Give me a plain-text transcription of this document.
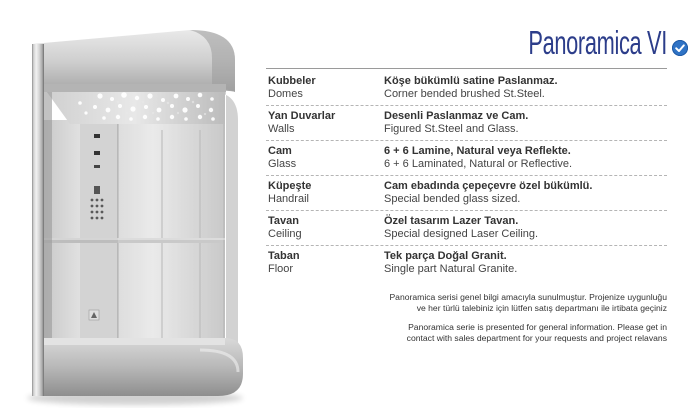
Panoramica VI
Kubbeler
Domes
Köşe bükümlü satine Paslanmaz.
Corner bended brushed St.Steel.
Yan Duvarlar
Walls
Desenli Paslanmaz ve Cam.
Figured St.Steel and Glass.
Cam
Glass
6 + 6 Lamine, Natural veya Reflekte.
6 + 6 Laminated, Natural or Reflective.
Küpeşte
Handrail
Cam ebadında çepeçevre özel bükümlü.
Special bended glass sized.
Tavan
Ceiling
Özel tasarım Lazer Tavan.
Special designed Laser Ceiling.
Taban
Floor
Tek parça Doğal Granit.
Single part Natural Granite.
Panoramica serisi genel bilgi amacıyla sunulmuştur. Projenize uygunluğu
ve her türlü talebiniz için lütfen satış departmanı ile irtibata geçiniz
Panoramica serie is presented for general information. Please get in
contact with sales department for your requests and project relavans
